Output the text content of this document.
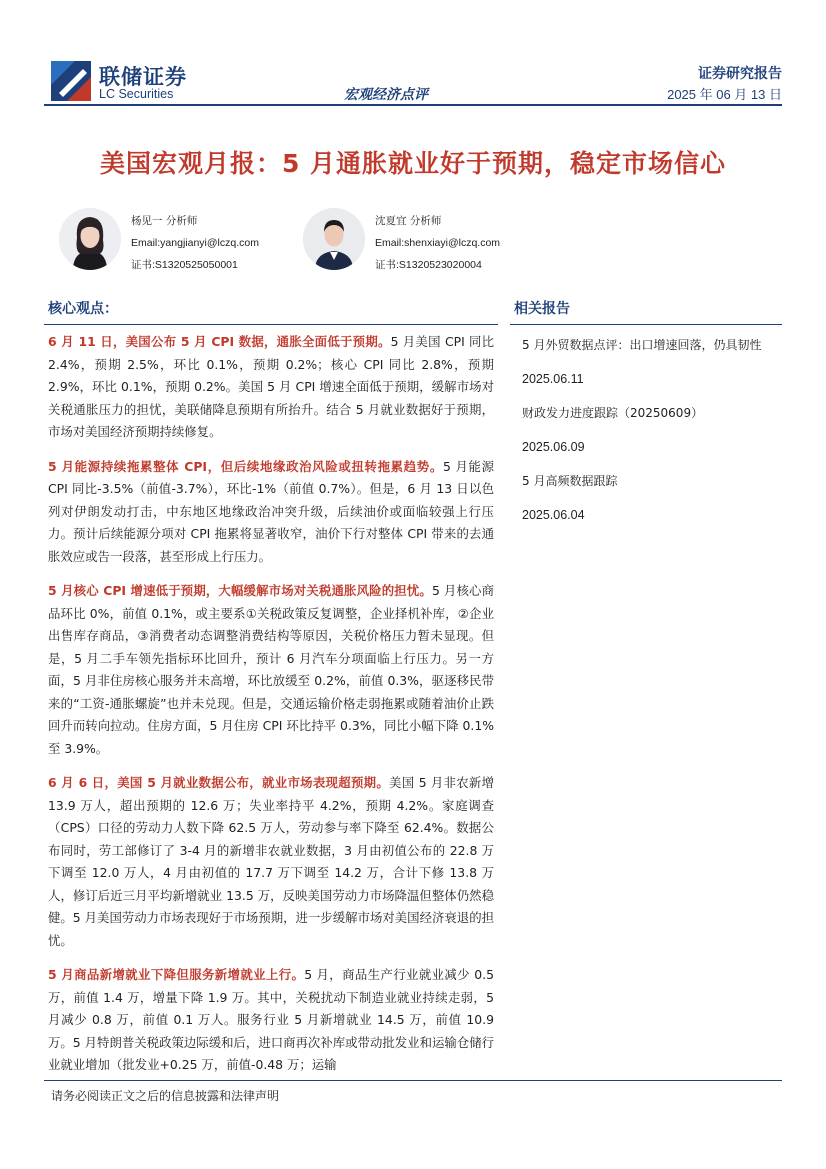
联储证券
LC Securities	宏观经济点评
证券研究报告
2025 年 06 月 13 日
美国宏观月报：5 月通胀就业好于预期，稳定市场信心
杨见一 分析师
Email:yangjianyi@lczq.com
证书:S1320525050001
沈夏宜 分析师
Email:shenxiayi@lczq.com
证书:S1320523020004
核心观点：

6 月 11 日，美国公布 5 月 CPI 数据，通胀全面低于预期。5 月美国 CPI 同比 2.4%，预期 2.5%，环比 0.1%，预期 0.2%；核心 CPI 同比 2.8%，预期 2.9%，环比 0.1%，预期 0.2%。美国 5 月 CPI 增速全面低于预期，缓解市场对关税通胀压力的担忧，美联储降息预期有所抬升。结合 5 月就业数据好于预期，市场对美国经济预期持续修复。

5 月能源持续拖累整体 CPI，但后续地缘政治风险或扭转拖累趋势。5 月能源 CPI 同比-3.5%（前值-3.7%），环比-1%（前值 0.7%）。但是，6 月 13 日以色列对伊朗发动打击，中东地区地缘政治冲突升级，后续油价或面临较强上行压力。预计后续能源分项对 CPI 拖累将显著收窄，油价下行对整体 CPI 带来的去通胀效应或告一段落，甚至形成上行压力。

5 月核心 CPI 增速低于预期，大幅缓解市场对关税通胀风险的担忧。5 月核心商品环比 0%，前值 0.1%，或主要系①关税政策反复调整，企业择机补库，②企业出售库存商品，③消费者动态调整消费结构等原因，关税价格压力暂未显现。但是，5 月二手车领先指标环比回升，预计 6 月汽车分项面临上行压力。另一方面，5 月非住房核心服务并未高增，环比放缓至 0.2%，前值 0.3%，驱逐移民带来的“工资-通胀螺旋”也并未兑现。但是，交通运输价格走弱拖累或随着油价止跌回升而转向拉动。住房方面，5 月住房 CPI 环比持平 0.3%，同比小幅下降 0.1%至 3.9%。

6 月 6 日，美国 5 月就业数据公布，就业市场表现超预期。美国 5 月非农新增 13.9 万人，超出预期的 12.6 万；失业率持平 4.2%，预期 4.2%。家庭调查（CPS）口径的劳动力人数下降 62.5 万人，劳动参与率下降至 62.4%。数据公布同时，劳工部修订了 3-4 月的新增非农就业数据，3 月由初值公布的 22.8 万下调至 12.0 万人，4 月由初值的 17.7 万下调至 14.2 万，合计下修 13.8 万人，修订后近三月平均新增就业 13.5 万，反映美国劳动力市场降温但整体仍然稳健。5 月美国劳动力市场表现好于市场预期，进一步缓解市场对美国经济衰退的担忧。

5 月商品新增就业下降但服务新增就业上行。5 月，商品生产行业就业减少 0.5 万，前值 1.4 万，增量下降 1.9 万。其中，关税扰动下制造业就业持续走弱，5 月减少 0.8 万，前值 0.1 万人。服务行业 5 月新增就业 14.5 万，前值 10.9 万。5 月特朗普关税政策边际缓和后，进口商再次补库或带动批发业和运输仓储行业就业增加（批发业+0.25 万，前值-0.48 万；运输

相关报告
5 月外贸数据点评：出口增速回落，仍具韧性
2025.06.11
财政发力进度跟踪（20250609）
2025.06.09
5 月高频数据跟踪
2025.06.04
请务必阅读正文之后的信息披露和法律声明
